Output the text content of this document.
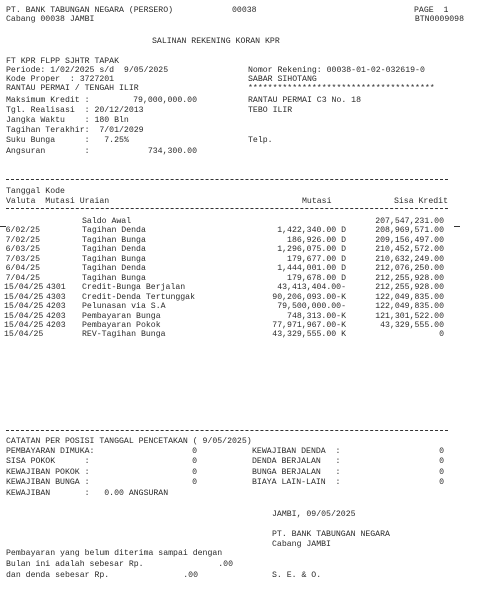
PT. BANK TABUNGAN NEGARA (PERSERO)	00038	PAGE  1
Cabang 00038 JAMBI	BTN0009098
SALINAN REKENING KORAN KPR
FT KPR FLPP SJHTR TAPAK
Periode: 1/02/2025 s/d  9/05/2025
Kode Proper  : 3727201
RANTAU PERMAI / TENGAH ILIR
Maksimum Kredit :	79,000,000.00
Tgl. Realisasi  : 20/12/2013
Jangka Waktu    : 180 Bln
Tagihan Terakhir:  7/01/2029
Suku Bunga      :   7.25%
Angsuran        :	734,300.00
Nomor Rekening: 00038-01-02-032619-0
SABAR SIHOTANG
**************************************
RANTAU PERMAI C3 No. 18
TEBO ILIR
Telp.
Tanggal Kode
Valuta  Mutasi Uraian	Mutasi	Sisa Kredit
Saldo Awal	207,547,231.00
6/02/25	Tagihan Denda	1,422,340.00 D	208,969,571.00
7/02/25	Tagihan Bunga	186,926.00 D	209,156,497.00
6/03/25	Tagihan Denda	1,296,075.00 D	210,452,572.00
7/03/25	Tagihan Bunga	179,677.00 D	210,632,249.00
6/04/25	Tagihan Denda	1,444,001.00 D	212,076,250.00
7/04/25	Tagihan Bunga	179,678.00 D	212,255,928.00
15/04/25 4301 Credit-Bunga Berjalan	43,413,404.00-	212,255,928.00
15/04/25 4303 Credit-Denda Tertunggak	90,206,093.00-K	122,049,835.00
15/04/25 4203 Pelunasan via S.A	79,500,000.00-	122,049,835.00
15/04/25 4203 Pembayaran Bunga	748,313.00-K	121,301,522.00
15/04/25 4203 Pembayaran Pokok	77,971,967.00-K	43,329,555.00
15/04/25	REV-Tagihan Bunga	43,329,555.00 K	0
CATATAN PER POSISI TANGGAL PENCETAKAN ( 9/05/2025)
PEMBAYARAN DIMUKA:	0
SISA POKOK      :	0
KEWAJIBAN POKOK :	0
KEWAJIBAN BUNGA :	0
KEWAJIBAN DENDA  :	0
DENDA BERJALAN   :	0
BUNGA BERJALAN   :	0
BIAYA LAIN-LAIN  :	0
KEWAJIBAN       :   0.00 ANGSURAN
JAMBI, 09/05/2025
PT. BANK TABUNGAN NEGARA
Cabang JAMBI
Pembayaran yang belum diterima sampai dengan
Bulan ini adalah sebesar Rp.	.00
dan denda sebesar Rp.	.00	S. E. & O.
